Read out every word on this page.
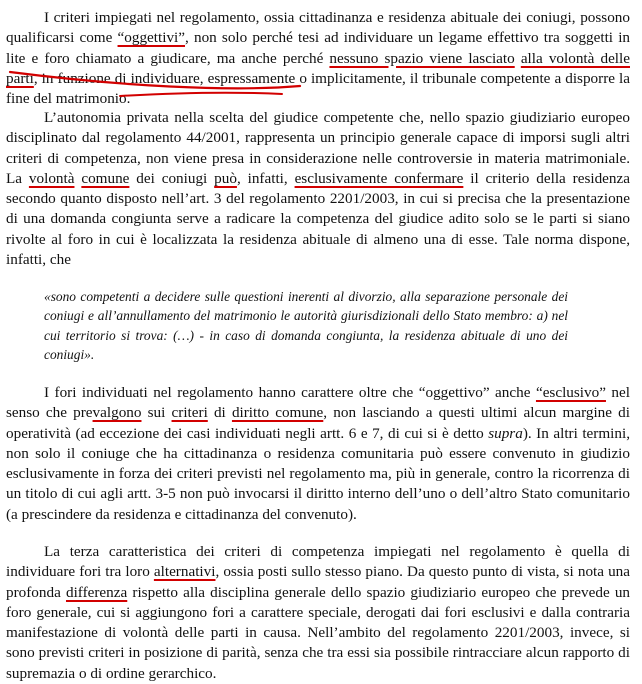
I criteri impiegati nel regolamento, ossia cittadinanza e residenza abituale dei coniugi, possono qualificarsi come “oggettivi”, non solo perché tesi ad individuare un legame effettivo tra soggetti in lite e foro chiamato a giudicare, ma anche perché nessuno spazio viene lasciato alla volontà delle parti, in funzione di individuare, espressamente o implicitamente, il tribunale competente a disporre la fine del matrimonio.

L’autonomia privata nella scelta del giudice competente che, nello spazio giudiziario europeo disciplinato dal regolamento 44/2001, rappresenta un principio generale capace di imporsi sugli altri criteri di competenza, non viene presa in considerazione nelle controversie in materia matrimoniale. La volontà comune dei coniugi può, infatti, esclusivamente confermare il criterio della residenza secondo quanto disposto nell’art. 3 del regolamento 2201/2003, in cui si precisa che la presentazione di una domanda congiunta serve a radicare la competenza del giudice adito solo se le parti si siano rivolte al foro in cui è localizzata la residenza abituale di almeno una di esse. Tale norma dispone, infatti, che

«sono competenti a decidere sulle questioni inerenti al divorzio, alla separazione personale dei coniugi e all’annullamento del matrimonio le autorità giurisdizionali dello Stato membro: a) nel cui territorio si trova: (…) - in caso di domanda congiunta, la residenza abituale di uno dei coniugi».

I fori individuati nel regolamento hanno carattere oltre che “oggettivo” anche “esclusivo” nel senso che prevalgono sui criteri di diritto comune, non lasciando a questi ultimi alcun margine di operatività (ad eccezione dei casi individuati negli artt. 6 e 7, di cui si è detto supra). In altri termini, non solo il coniuge che ha cittadinanza o residenza comunitaria può essere convenuto in giudizio esclusivamente in forza dei criteri previsti nel regolamento ma, più in generale, contro la ricorrenza di un titolo di cui agli artt. 3-5 non può invocarsi il diritto interno dell’uno o dell’altro Stato comunitario (a prescindere da residenza e cittadinanza del convenuto).

La terza caratteristica dei criteri di competenza impiegati nel regolamento è quella di individuare fori tra loro alternativi, ossia posti sullo stesso piano. Da questo punto di vista, si nota una profonda differenza rispetto alla disciplina generale dello spazio giudiziario europeo che prevede un foro generale, cui si aggiungono fori a carattere speciale, derogati dai fori esclusivi e dalla contraria manifestazione di volontà delle parti in causa. Nell’ambito del regolamento 2201/2003, invece, si sono previsti criteri in posizione di parità, senza che tra essi sia possibile rintracciare alcun rapporto di supremazia o di ordine gerarchico.
